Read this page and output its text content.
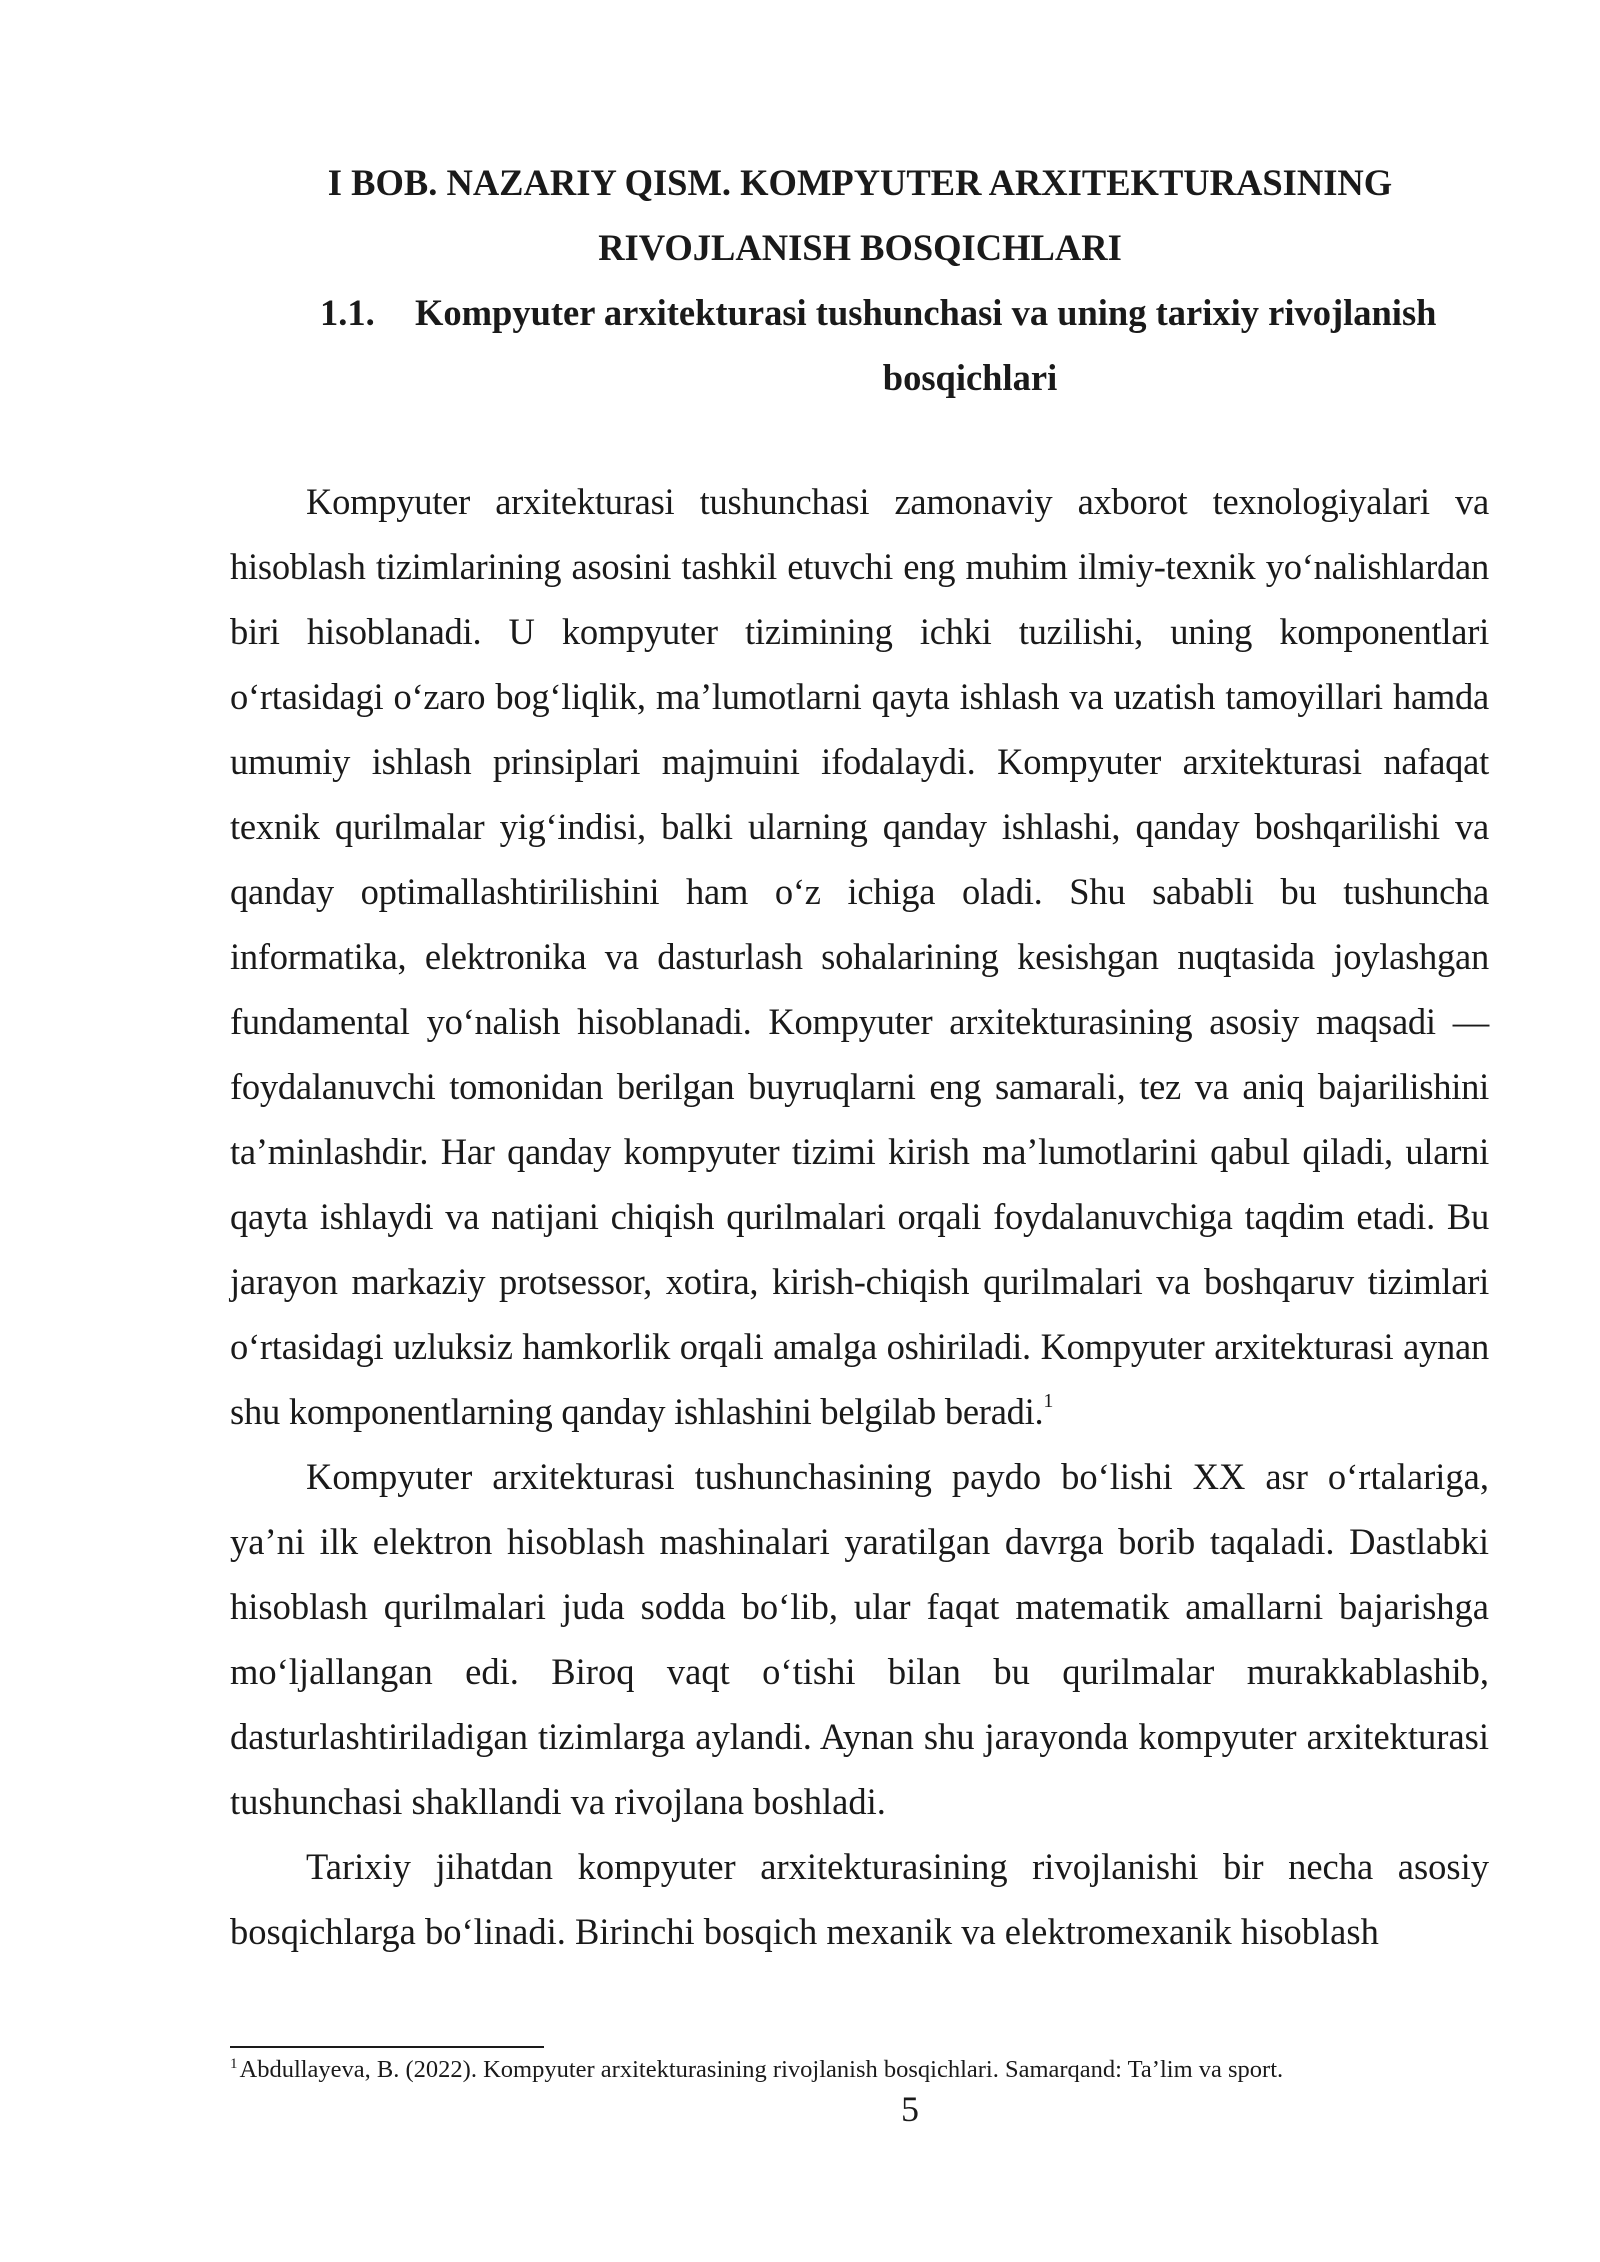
I BOB. NAZARIY QISM. KOMPYUTER ARXITEKTURASINING
RIVOJLANISH BOSQICHLARI
1.1. Kompyuter arxitekturasi tushunchasi va uning tarixiy rivojlanish
bosqichlari

Kompyuter arxitekturasi tushunchasi zamonaviy axborot texnologiyalari va hisoblash tizimlarining asosini tashkil etuvchi eng muhim ilmiy-texnik yo‘nalishlardan biri hisoblanadi. U kompyuter tizimining ichki tuzilishi, uning komponentlari o‘rtasidagi o‘zaro bog‘liqlik, ma’lumotlarni qayta ishlash va uzatish tamoyillari hamda umumiy ishlash prinsiplari majmuini ifodalaydi. Kompyuter arxitekturasi nafaqat texnik qurilmalar yig‘indisi, balki ularning qanday ishlashi, qanday boshqarilishi va qanday optimallashtirilishini ham o‘z ichiga oladi. Shu sababli bu tushuncha informatika, elektronika va dasturlash sohalarining kesishgan nuqtasida joylashgan fundamental yo‘nalish hisoblanadi. Kompyuter arxitekturasining asosiy maqsadi — foydalanuvchi tomonidan berilgan buyruqlarni eng samarali, tez va aniq bajarilishini ta’minlashdir. Har qanday kompyuter tizimi kirish ma’lumotlarini qabul qiladi, ularni qayta ishlaydi va natijani chiqish qurilmalari orqali foydalanuvchiga taqdim etadi. Bu jarayon markaziy protsessor, xotira, kirish-chiqish qurilmalari va boshqaruv tizimlari o‘rtasidagi uzluksiz hamkorlik orqali amalga oshiriladi. Kompyuter arxitekturasi aynan shu komponentlarning qanday ishlashini belgilab beradi.$^1$

Kompyuter arxitekturasi tushunchasining paydo bo‘lishi XX asr o‘rtalariga, ya’ni ilk elektron hisoblash mashinalari yaratilgan davrga borib taqaladi. Dastlabki hisoblash qurilmalari juda sodda bo‘lib, ular faqat matematik amallarni bajarishga mo‘ljallangan edi. Biroq vaqt o‘tishi bilan bu qurilmalar murakkablashib, dasturlashtiriladigan tizimlarga aylandi. Aynan shu jarayonda kompyuter arxitekturasi tushunchasi shakllandi va rivojlana boshladi.

Tarixiy jihatdan kompyuter arxitekturasining rivojlanishi bir necha asosiy bosqichlarga bo‘linadi. Birinchi bosqich mexanik va elektromexanik hisoblash

$^1$Abdullayeva, B. (2022). Kompyuter arxitekturasining rivojlanish bosqichlari. Samarqand: Ta’lim va sport.
5
